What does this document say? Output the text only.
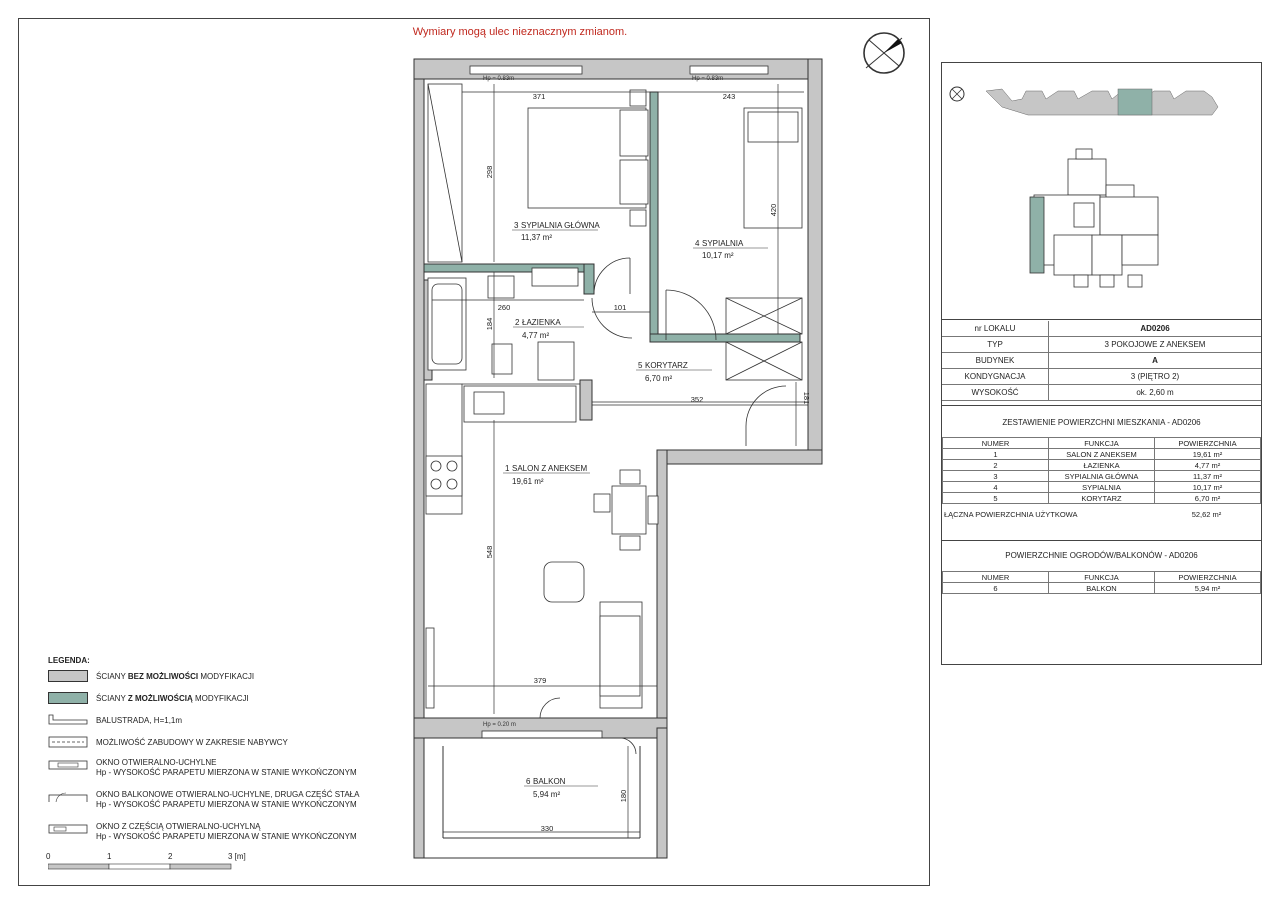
Wymiary mogą ulec nieznacznym zmianom.
Hp = 0.83m	Hp = 0.83m
Hp = 0.20 m
371	243
298
420
260
184
101
352	181
548
379
180
330
3 SYPIALNIA GŁÓWNA
11,37 m²
4 SYPIALNIA
10,17 m²
2 ŁAZIENKA
4,77 m²
5 KORYTARZ
6,70 m²
1 SALON Z ANEKSEM
19,61 m²
6 BALKON
5,94 m²
nr LOKALU	AD0206
TYP	3 POKOJOWE Z ANEKSEM
BUDYNEK	A
KONDYGNACJA	3 (PIĘTRO 2)
WYSOKOŚĆ	ok. 2,60 m
ZESTAWIENIE POWIERZCHNI MIESZKANIA - AD0206
NUMER	FUNKCJA	POWIERZCHNIA
1	SALON Z ANEKSEM	19,61 m²
2	ŁAZIENKA	4,77 m²
3	SYPIALNIA GŁÓWNA	11,37 m²
4	SYPIALNIA	10,17 m²
5	KORYTARZ	6,70 m²
ŁĄCZNA POWIERZCHNIA UŻYTKOWA	52,62 m²
POWIERZCHNIE OGRODÓW/BALKONÓW - AD0206
NUMER	FUNKCJA	POWIERZCHNIA
6	BALKON	5,94 m²
LEGENDA:
ŚCIANY BEZ MOŻLIWOŚCI MODYFIKACJI
ŚCIANY Z MOŻLIWOŚCIĄ MODYFIKACJI
BALUSTRADA, H=1,1m
MOŻLIWOŚĆ ZABUDOWY W ZAKRESIE NABYWCY
OKNO OTWIERALNO-UCHYLNE
Hp - WYSOKOŚĆ PARAPETU MIERZONA W STANIE WYKOŃCZONYM
OKNO BALKONOWE OTWIERALNO-UCHYLNE, DRUGA CZĘŚĆ STAŁA
Hp - WYSOKOŚĆ PARAPETU MIERZONA W STANIE WYKOŃCZONYM
OKNO Z CZĘŚCIĄ OTWIERALNO-UCHYLNĄ
Hp - WYSOKOŚĆ PARAPETU MIERZONA W STANIE WYKOŃCZONYM
0	1	2	3 [m]
